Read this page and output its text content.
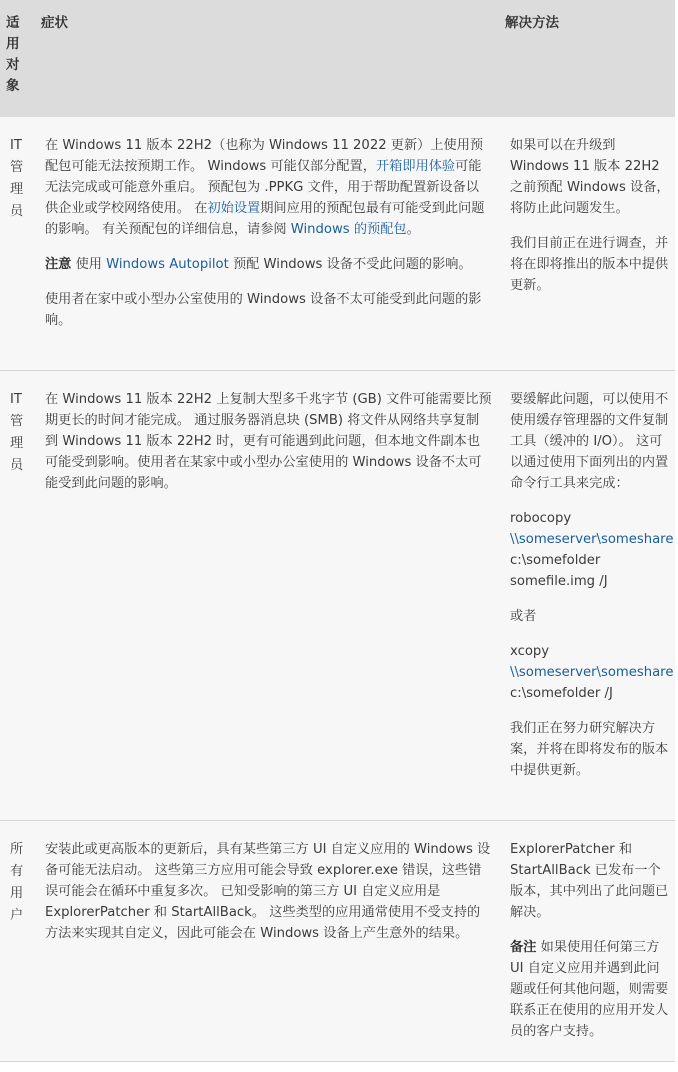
适
用
对
象
症状	解决方法
IT
管
理
员

在 Windows 11 版本 22H2（也称为 Windows 11 2022 更新）上使用预配包可能无法按预期工作。 Windows 可能仅部分配置，开箱即用体验可能无法完成或可能意外重启。 预配包为 .PPKG 文件，用于帮助配置新设备以供企业或学校网络使用。 在初始设置期间应用的预配包最有可能受到此问题的影响。 有关预配包的详细信息，请参阅 Windows 的预配包。

注意 使用 Windows Autopilot 预配 Windows 设备不受此问题的影响。

使用者在家中或小型办公室使用的 Windows 设备不太可能受到此问题的影响。

如果可以在升级到 Windows 11 版本 22H2 之前预配 Windows 设备，将防止此问题发生。

我们目前正在进行调查，并将在即将推出的版本中提供更新。

IT
管
理
员

在 Windows 11 版本 22H2 上复制大型多千兆字节 (GB) 文件可能需要比预期更长的时间才能完成。 通过服务器消息块 (SMB) 将文件从网络共享复制到 Windows 11 版本 22H2 时，更有可能遇到此问题，但本地文件副本也可能受到影响。使用者在某家中或小型办公室使用的 Windows 设备不太可能受到此问题的影响。

要缓解此问题，可以使用不使用缓存管理器的文件复制工具（缓冲的 I/O）。 这可以通过使用下面列出的内置命令行工具来完成：

robocopy
\\someserver\someshare
c:\somefolder
somefile.img /J

或者

xcopy
\\someserver\someshare
c:\somefolder /J

我们正在努力研究解决方案，并将在即将发布的版本中提供更新。

所
有
用
户

安装此或更高版本的更新后，具有某些第三方 UI 自定义应用的 Windows 设备可能无法启动。 这些第三方应用可能会导致 explorer.exe 错误，这些错误可能会在循环中重复多次。 已知受影响的第三方 UI 自定义应用是 ExplorerPatcher 和 StartAllBack。 这些类型的应用通常使用不受支持的方法来实现其自定义，因此可能会在 Windows 设备上产生意外的结果。

ExplorerPatcher 和 StartAllBack 已发布一个版本，其中列出了此问题已解决。

备注 如果使用任何第三方 UI 自定义应用并遇到此问题或任何其他问题，则需要联系正在使用的应用开发人员的客户支持。
